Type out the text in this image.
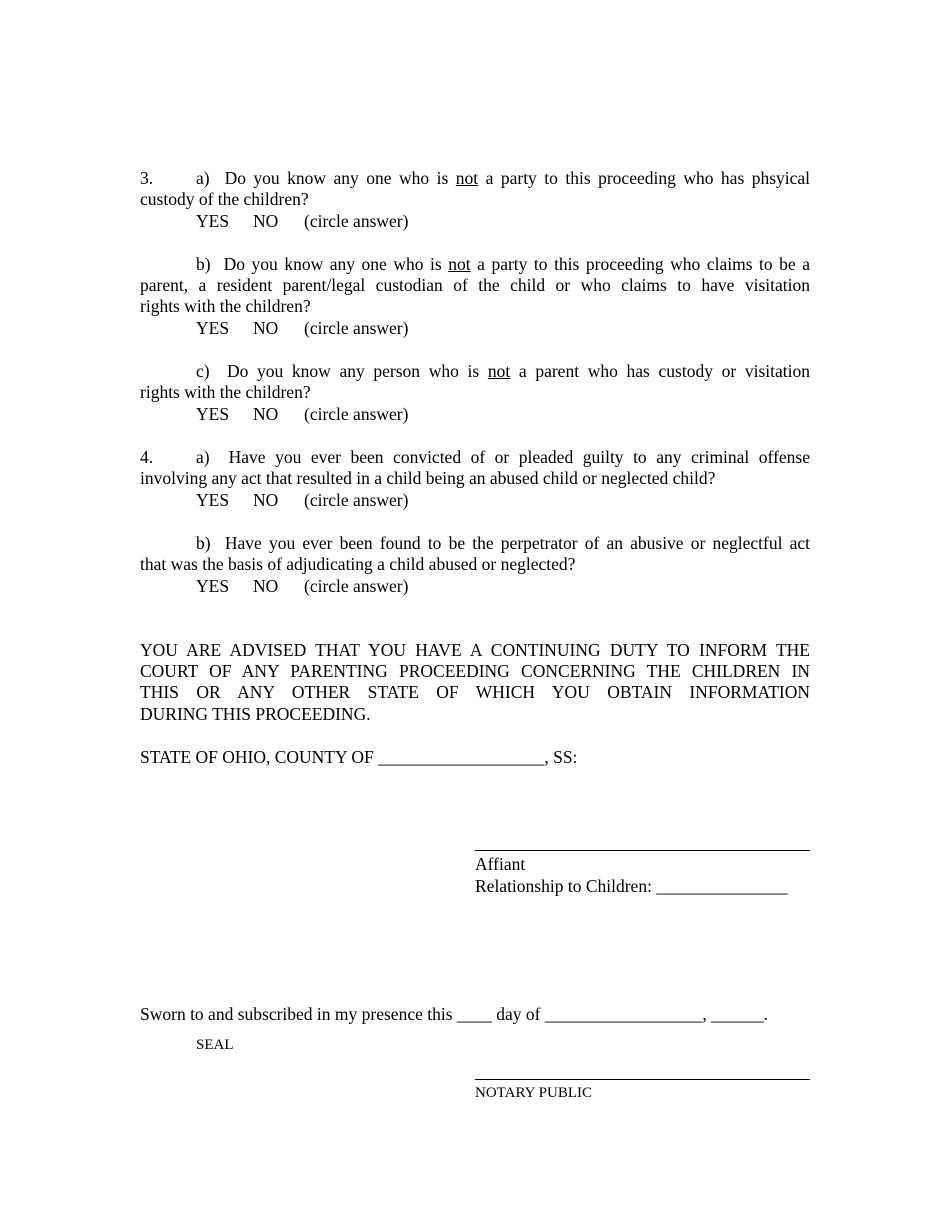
3. a) Do you know any one who is not a party to this proceeding who has phsyical
custody of the children?
YES NO (circle answer)
b) Do you know any one who is not a party to this proceeding who claims to be a
parent, a resident parent/legal custodian of the child or who claims to have visitation
rights with the children?
YES NO (circle answer)
c) Do you know any person who is not a parent who has custody or visitation
rights with the children?
YES NO (circle answer)
4. a) Have you ever been convicted of or pleaded guilty to any criminal offense
involving any act that resulted in a child being an abused child or neglected child?
YES NO (circle answer)
b) Have you ever been found to be the perpetrator of an abusive or neglectful act
that was the basis of adjudicating a child abused or neglected?
YES NO (circle answer)
YOU ARE ADVISED THAT YOU HAVE A CONTINUING DUTY TO INFORM THE
COURT OF ANY PARENTING PROCEEDING CONCERNING THE CHILDREN IN
THIS OR ANY OTHER STATE OF WHICH YOU OBTAIN INFORMATION
DURING THIS PROCEEDING.
STATE OF OHIO, COUNTY OF ___________________, SS:
Affiant
Relationship to Children: _______________
Sworn to and subscribed in my presence this ____ day of __________________, ______.
SEAL
NOTARY PUBLIC
